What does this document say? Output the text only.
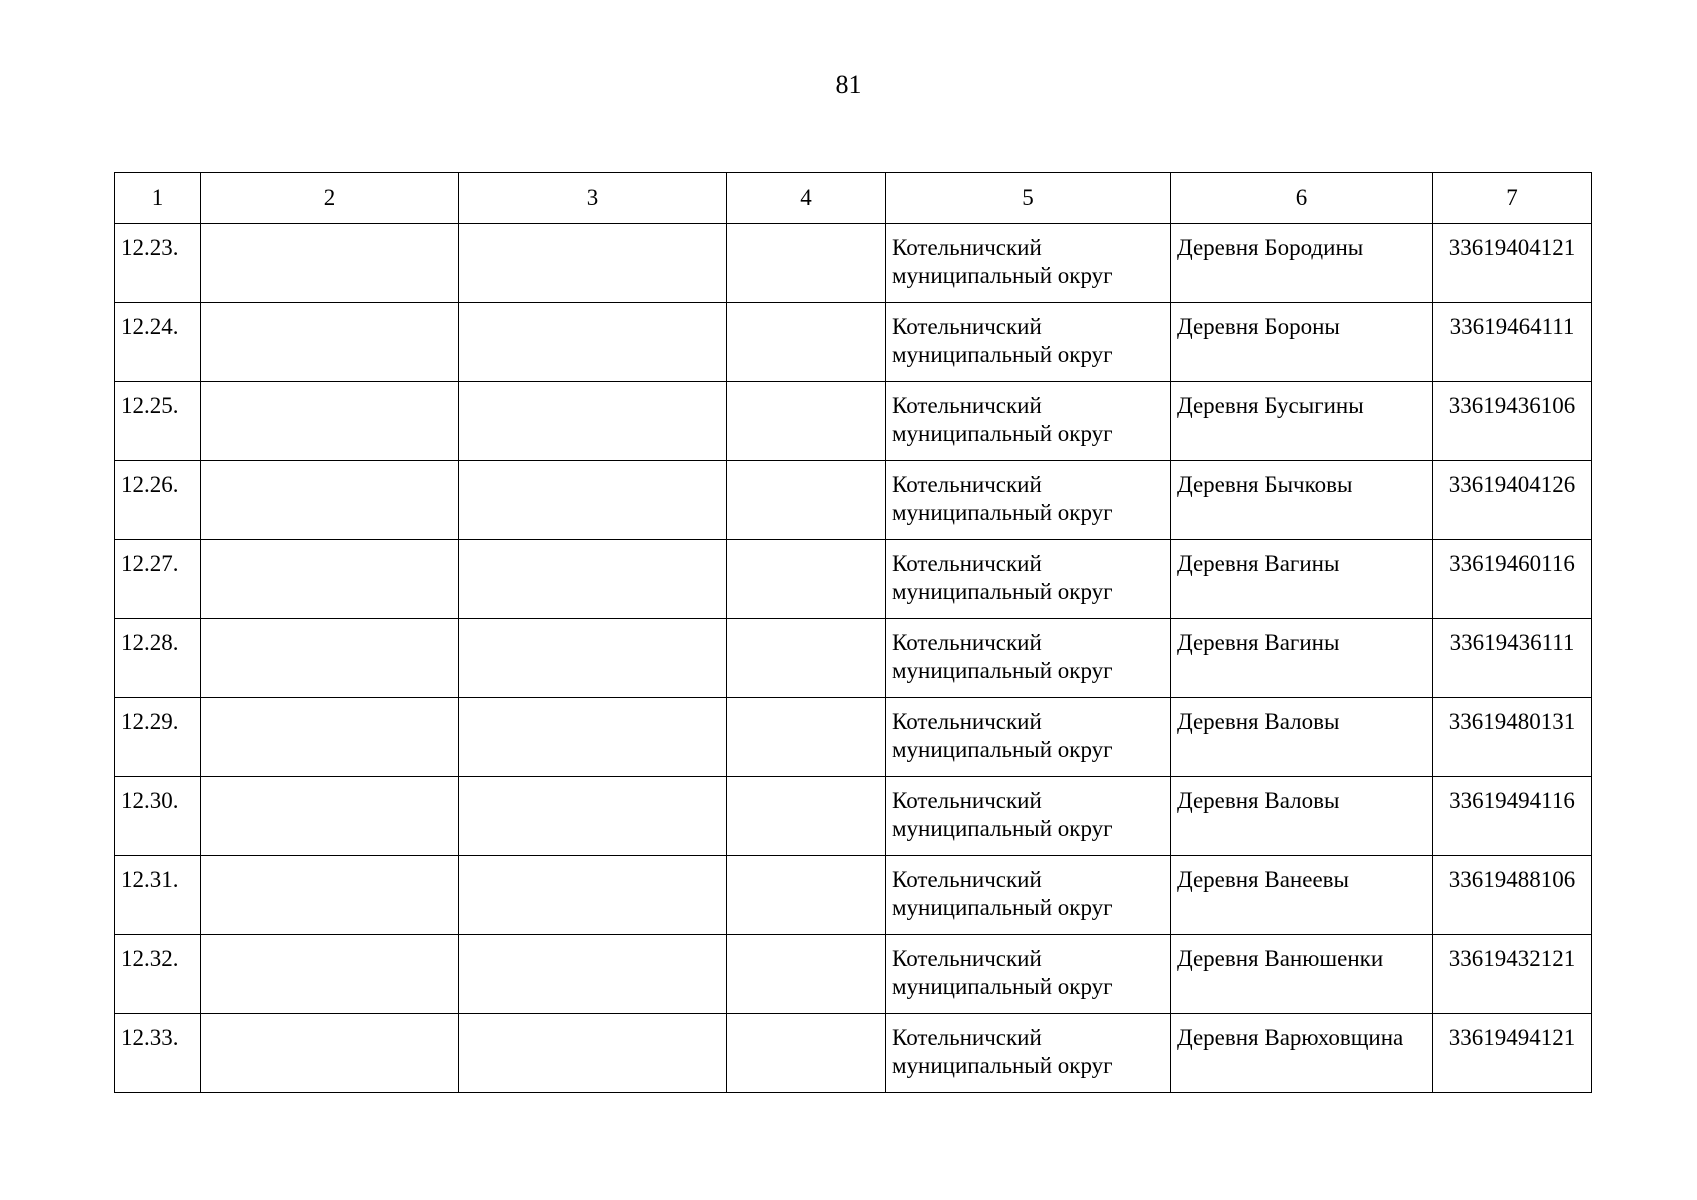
81
1	2	3	4	5	6	7
12.23.				Котельничский муниципальный округ	Деревня Бородины	33619404121
12.24.				Котельничский муниципальный округ	Деревня Бороны	33619464111
12.25.				Котельничский муниципальный округ	Деревня Бусыгины	33619436106
12.26.				Котельничский муниципальный округ	Деревня Бычковы	33619404126
12.27.				Котельничский муниципальный округ	Деревня Вагины	33619460116
12.28.				Котельничский муниципальный округ	Деревня Вагины	33619436111
12.29.				Котельничский муниципальный округ	Деревня Валовы	33619480131
12.30.				Котельничский муниципальный округ	Деревня Валовы	33619494116
12.31.				Котельничский муниципальный округ	Деревня Ванеевы	33619488106
12.32.				Котельничский муниципальный округ	Деревня Ванюшенки	33619432121
12.33.				Котельничский муниципальный округ	Деревня Варюховщина	33619494121
